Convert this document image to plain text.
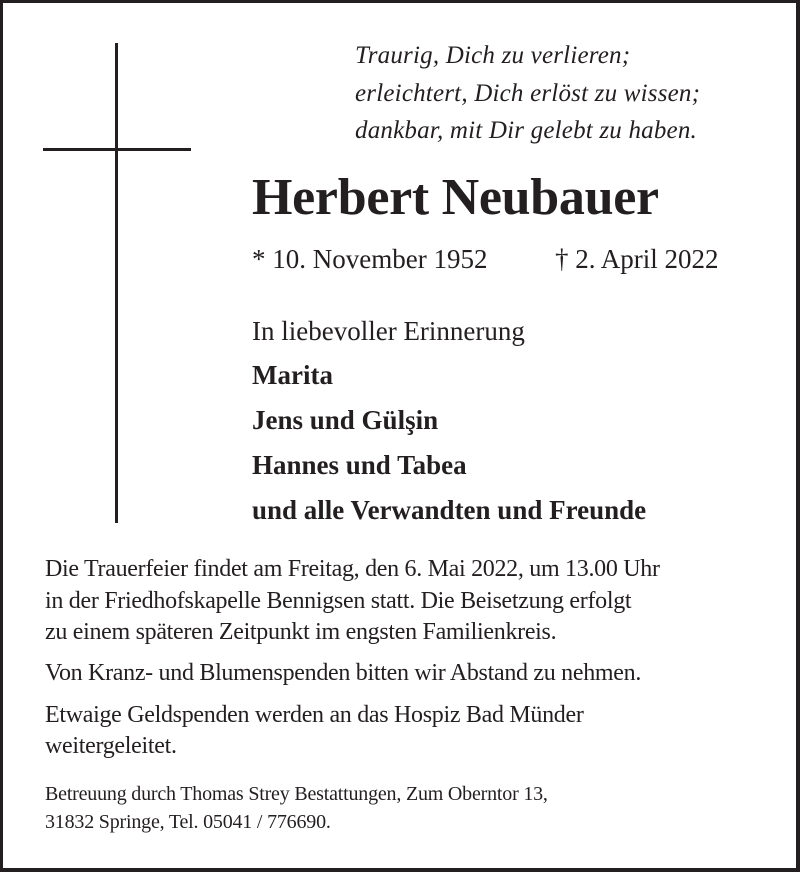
Traurig, Dich zu verlieren;
erleichtert, Dich erlöst zu wissen;
dankbar, mit Dir gelebt zu haben.
Herbert Neubauer
* 10. November 1952	† 2. April 2022
In liebevoller Erinnerung
Marita
Jens und Gülşin
Hannes und Tabea
und alle Verwandten und Freunde
Die Trauerfeier findet am Freitag, den 6. Mai 2022, um 13.00 Uhr
in der Friedhofskapelle Bennigsen statt. Die Beisetzung erfolgt
zu einem späteren Zeitpunkt im engsten Familienkreis.
Von Kranz- und Blumenspenden bitten wir Abstand zu nehmen.
Etwaige Geldspenden werden an das Hospiz Bad Münder
weitergeleitet.
Betreuung durch Thomas Strey Bestattungen, Zum Oberntor 13,
31832 Springe, Tel. 05041 / 776690.
